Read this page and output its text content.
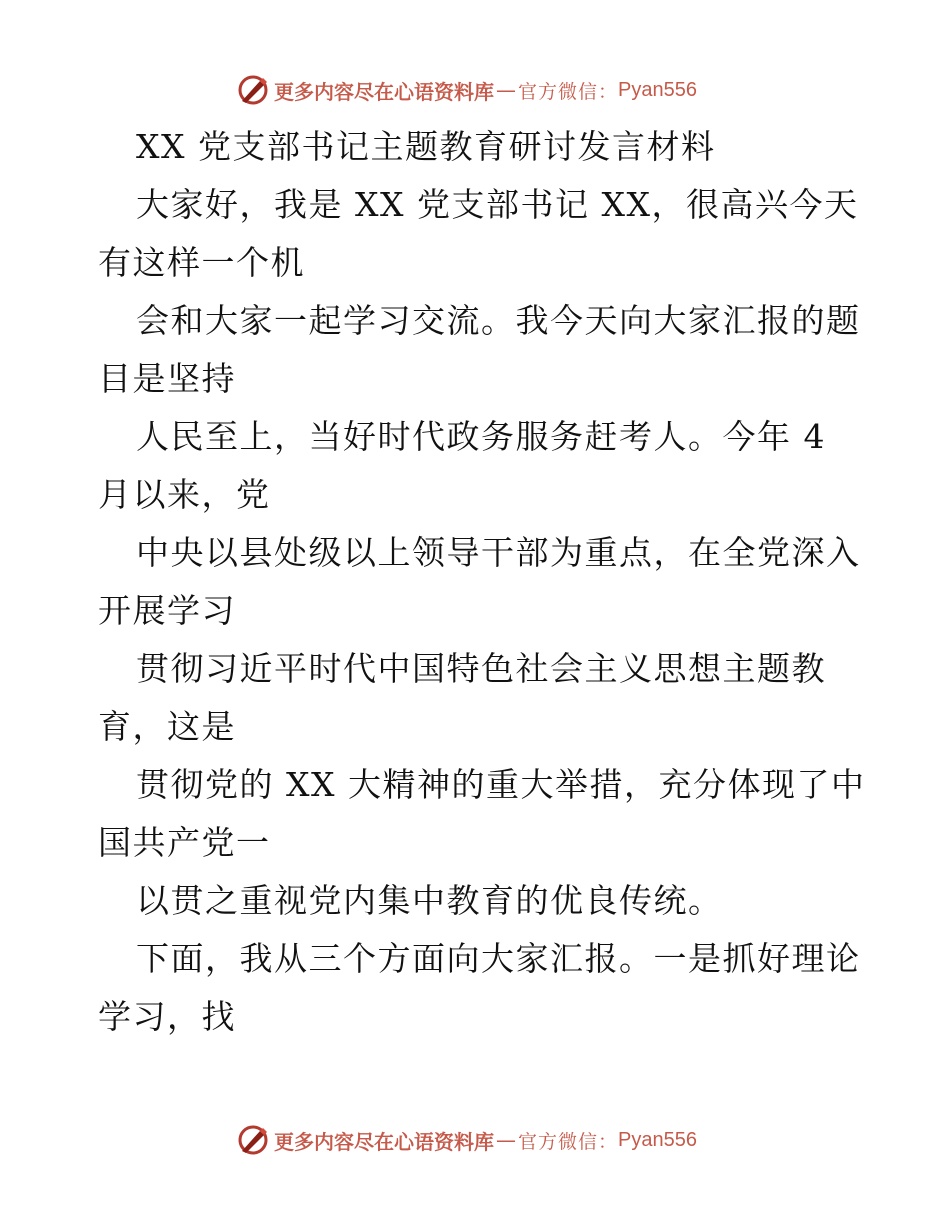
更多内容尽在心语资料库 — 官方微信： Pyan556
XX 党支部书记主题教育研讨发言材料
大家好，我是 XX 党支部书记 XX，很高兴今天
有这样一个机
会和大家一起学习交流。我今天向大家汇报的题
目是坚持
人民至上，当好时代政务服务赶考人。今年 4
月以来，党
中央以县处级以上领导干部为重点，在全党深入
开展学习
贯彻习近平时代中国特色社会主义思想主题教
育，这是
贯彻党的 XX 大精神的重大举措，充分体现了中
国共产党一
以贯之重视党内集中教育的优良传统。
下面，我从三个方面向大家汇报。一是抓好理论
学习，找
更多内容尽在心语资料库 — 官方微信： Pyan556
